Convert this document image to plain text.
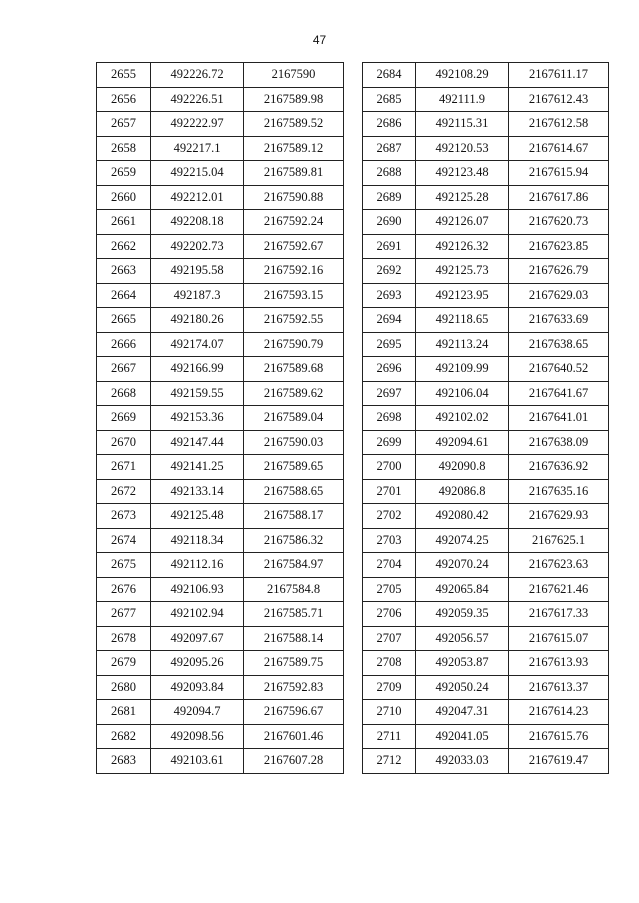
47
2655	492226.72	2167590
2656	492226.51	2167589.98
2657	492222.97	2167589.52
2658	492217.1	2167589.12
2659	492215.04	2167589.81
2660	492212.01	2167590.88
2661	492208.18	2167592.24
2662	492202.73	2167592.67
2663	492195.58	2167592.16
2664	492187.3	2167593.15
2665	492180.26	2167592.55
2666	492174.07	2167590.79
2667	492166.99	2167589.68
2668	492159.55	2167589.62
2669	492153.36	2167589.04
2670	492147.44	2167590.03
2671	492141.25	2167589.65
2672	492133.14	2167588.65
2673	492125.48	2167588.17
2674	492118.34	2167586.32
2675	492112.16	2167584.97
2676	492106.93	2167584.8
2677	492102.94	2167585.71
2678	492097.67	2167588.14
2679	492095.26	2167589.75
2680	492093.84	2167592.83
2681	492094.7	2167596.67
2682	492098.56	2167601.46
2683	492103.61	2167607.28
2684	492108.29	2167611.17
2685	492111.9	2167612.43
2686	492115.31	2167612.58
2687	492120.53	2167614.67
2688	492123.48	2167615.94
2689	492125.28	2167617.86
2690	492126.07	2167620.73
2691	492126.32	2167623.85
2692	492125.73	2167626.79
2693	492123.95	2167629.03
2694	492118.65	2167633.69
2695	492113.24	2167638.65
2696	492109.99	2167640.52
2697	492106.04	2167641.67
2698	492102.02	2167641.01
2699	492094.61	2167638.09
2700	492090.8	2167636.92
2701	492086.8	2167635.16
2702	492080.42	2167629.93
2703	492074.25	2167625.1
2704	492070.24	2167623.63
2705	492065.84	2167621.46
2706	492059.35	2167617.33
2707	492056.57	2167615.07
2708	492053.87	2167613.93
2709	492050.24	2167613.37
2710	492047.31	2167614.23
2711	492041.05	2167615.76
2712	492033.03	2167619.47
